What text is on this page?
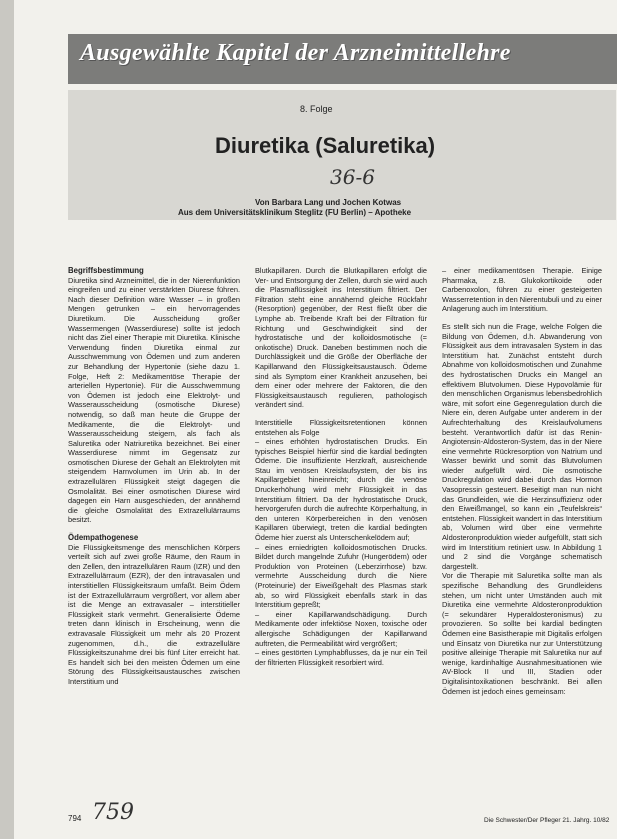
Ausgewählte Kapitel der Arzneimittellehre
8. Folge
Diuretika (Saluretika)
36-6
Von Barbara Lang und Jochen Kotwas
Aus dem Universitätsklinikum Steglitz (FU Berlin) – Apotheke

Begriffsbestimmung

Diuretika sind Arzneimittel, die in der Nierenfunktion eingreifen und zu einer verstärkten Diurese führen. Nach dieser Definition wäre Wasser – in großen Mengen getrunken – ein hervorragendes Diuretikum. Die Ausscheidung großer Wassermengen (Wasserdiurese) sollte ist jedoch nicht das Ziel einer Therapie mit Diuretika. Klinische Verwendung finden Diuretika einmal zur Ausschwemmung von Ödemen und zum anderen zur Behandlung der Hypertonie (siehe dazu 1. Folge, Heft 2: Medikamentöse Therapie der arteriellen Hypertonie). Für die Ausschwemmung von Ödemen ist jedoch eine Elektrolyt- und Wasserausscheidung (osmotische Diurese) notwendig, so daß man heute die Gruppe der Medikamente, die die Elektrolyt- und Wasserausscheidung steigern, als fach als Saluretika oder Natriuretika bezeichnet. Bei einer Wasserdiurese nimmt im Gegensatz zur osmotischen Diurese der Gehalt an Elektrolyten mit steigendem Harnvolumen im Urin ab. In der extrazellulären Flüssigkeit steigt dagegen die Osmolalität. Bei einer osmotischen Diurese wird dagegen ein Harn ausgeschieden, der annähernd die gleiche Osmolalität des Extrazellulärraums besitzt.

Ödempathogenese

Die Flüssigkeitsmenge des menschlichen Körpers verteilt sich auf zwei große Räume, den Raum in den Zellen, den intrazellulären Raum (IZR) und den Extrazellulärraum (EZR), der den intravasalen und interstitiellen Flüssigkeitsraum umfaßt. Beim Ödem ist der Extrazellulärraum vergrößert, vor allem aber ist die Menge an extravasaler – interstitieller Flüssigkeit stark vermehrt. Generalisierte Ödeme treten dann klinisch in Erscheinung, wenn die extravasale Flüssigkeit um mehr als 20 Prozent zugenommen, d.h., die extrazelluläre Flüssigkeitszunahme drei bis fünf Liter erreicht hat. Es handelt sich bei den meisten Ödemen um eine Störung des Flüssigkeitsaustausches zwischen Interstitium und

Blutkapillaren. Durch die Blutkapillaren erfolgt die Ver- und Entsorgung der Zellen, durch sie wird auch die Plasmaflüssigkeit ins Interstitium filtriert. Der Filtration steht eine annähernd gleiche Rückfahr (Resorption) gegenüber, der Rest fließt über die Lymphe ab. Treibende Kraft bei der Filtration für Richtung und Geschwindigkeit sind der hydrostatische und der kolloidosmotische (= onkotische) Druck. Daneben bestimmen noch die Durchlässigkeit und die Größe der Oberfläche der Kapillarwand den Flüssigkeitsaustausch. Ödeme sind als Symptom einer Krankheit anzusehen, bei dem einer oder mehrere der Faktoren, die den Flüssigkeitsaustausch regulieren, pathologisch verändert sind.

Interstitielle Flüssigkeitsretentionen können entstehen als Folge

– eines erhöhten hydrostatischen Drucks. Ein typisches Beispiel hierfür sind die kardial bedingten Ödeme. Die insuffiziente Herzkraft, ausreichende Stau im venösen Kreislaufsystem, der bis ins Kapillargebiet hineinreicht; durch die venöse Druckerhöhung wird mehr Flüssigkeit in das Interstitium filtriert. Da der hydrostatische Druck, hervorgerufen durch die aufrechte Körperhaltung, in den unteren Körperbereichen in den venösen Kapillaren überwiegt, treten die kardial bedingten Ödeme hier zuerst als Unterschenkelödem auf;

– eines erniedrigten kolloidosmotischen Drucks. Bildet durch mangelnde Zufuhr (Hungerödem) oder Produktion von Proteinen (Leberzirrhose) bzw. vermehrte Ausscheidung durch die Niere (Proteinurie) der Eiweißgehalt des Plasmas stark ab, so wird Flüssigkeit ebenfalls stark in das Interstitium gepreßt;

– einer Kapillarwandschädigung. Durch Medikamente oder infektiöse Noxen, toxische oder allergische Schädigungen der Kapillarwand auftreten, die Permeabilität wird vergrößert;

– eines gestörten Lymphabflusses, da je nur ein Teil der filtrierten Flüssigkeit resorbiert wird.

– einer medikamentösen Therapie. Einige Pharmaka, z.B. Glukokortikoide oder Carbenoxolon, führen zu einer gesteigerten Wasserretention in den Nierentubuli und zu einer Anlagerung auch im Interstitium.

Es stellt sich nun die Frage, welche Folgen die Bildung von Ödemen, d.h. Abwanderung von Flüssigkeit aus dem intravasalen System in das Interstitium hat. Zunächst entsteht durch Abnahme von kolloidosmotischen und Zunahme des hydrostatischen Drucks ein Mangel an effektivem Blutvolumen. Diese Hypovolämie für den menschlichen Organismus lebensbedrohlich wäre, mit sofort eine Gegenregulation durch die Niere ein, deren Aufgabe unter anderem in der Aufrechterhaltung des Kreislaufvolumens besteht. Verantwortlich dafür ist das Renin-Angiotensin-Aldosteron-System, das in der Niere eine vermehrte Rückresorption von Natrium und Wasser bewirkt und somit das Blutvolumen wieder aufgefüllt wird. Die osmotische Druckregulation wird dabei durch das Hormon Vasopressin gesteuert. Beseitigt man nun nicht das Grundleiden, wie die Herzinsuffizienz oder den Eiweißmangel, so kann ein „Teufelskreis“ entstehen. Flüssigkeit wandert in das Interstitium ab, Volumen wird über eine vermehrte Aldosteronproduktion wieder aufgefüllt, statt sich wird im Interstitium retiniert usw. In Abbildung 1 und 2 sind die Vorgänge schematisch dargestellt.

Vor die Therapie mit Saluretika sollte man als spezifische Behandlung des Grundleidens stehen, um nicht unter Umständen auch mit Diuretika eine vermehrte Aldosteronproduktion (= sekundärer Hyperaldosteronismus) zu provozieren. So sollte bei kardial bedingten Ödemen eine Basistherapie mit Digitalis erfolgen und Einsatz von Diuretika nur zur Unterstützung positive alleinige Therapie mit Saluretika nur auf wenige, kardinhaltige Ausnahmesituationen wie AV-Block II und III, Stadien oder Digitalisintoxikationen beschränkt. Bei allen Ödemen ist jedoch eines gemeinsam:

794 759	Die Schwester/Der Pfleger 21. Jahrg. 10/82
